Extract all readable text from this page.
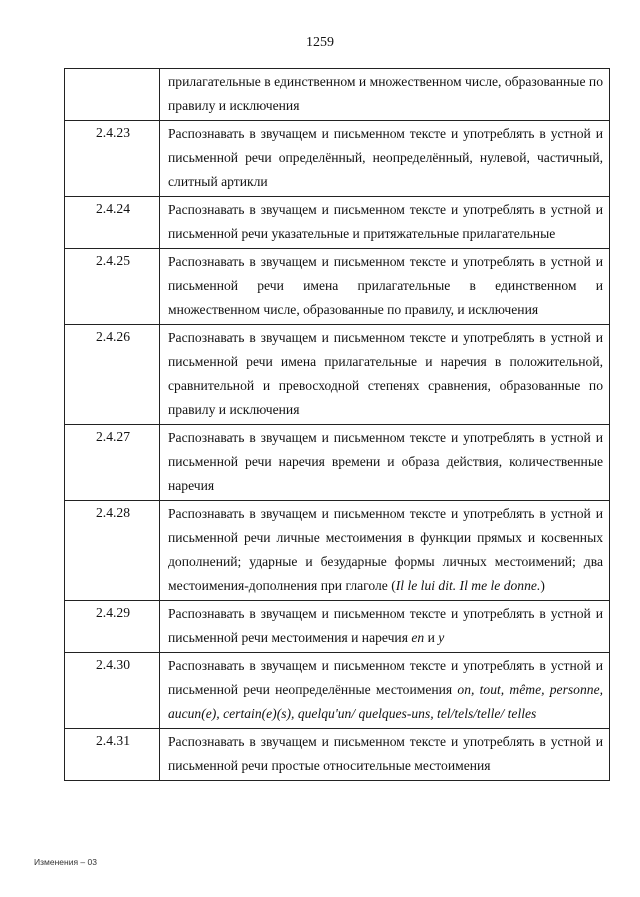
1259
	прилагательные в единственном и множественном числе, образованные по правилу и исключения
2.4.23	Распознавать в звучащем и письменном тексте и употреблять в устной и письменной речи определённый, неопределённый, нулевой, частичный, слитный артикли
2.4.24	Распознавать в звучащем и письменном тексте и употреблять в устной и письменной речи указательные и притяжательные прилагательные
2.4.25	Распознавать в звучащем и письменном тексте и употреблять в устной и письменной речи имена прилагательные в единственном и множественном числе, образованные по правилу, и исключения
2.4.26	Распознавать в звучащем и письменном тексте и употреблять в устной и письменной речи имена прилагательные и наречия в положительной, сравнительной и превосходной степенях сравнения, образованные по правилу и исключения
2.4.27	Распознавать в звучащем и письменном тексте и употреблять в устной и письменной речи наречия времени и образа действия, количественные наречия
2.4.28	Распознавать в звучащем и письменном тексте и употреблять в устной и письменной речи личные местоимения в функции прямых и косвенных дополнений; ударные и безударные формы личных местоимений; два местоимения-дополнения при глаголе (Il le lui dit. Il me le donne.)
2.4.29	Распознавать в звучащем и письменном тексте и употреблять в устной и письменной речи местоимения и наречия en и y
2.4.30	Распознавать в звучащем и письменном тексте и употреблять в устной и письменной речи неопределённые местоимения on, tout, même, personne, aucun(e), certain(e)(s), quelqu'un/ quelques-uns, tel/tels/telle/ telles
2.4.31	Распознавать в звучащем и письменном тексте и употреблять в устной и письменной речи простые относительные местоимения
Изменения – 03
